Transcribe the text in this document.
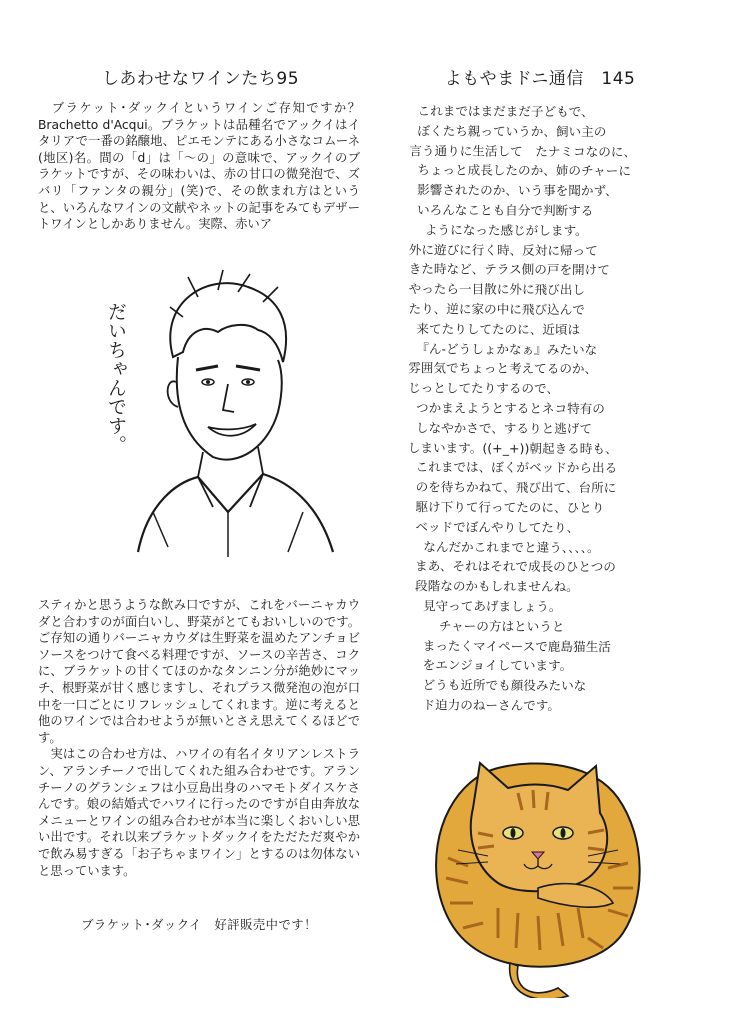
しあわせなワインたち95

　ブラケット･ダックイというワインご存知ですか？Brachetto d'Acqui。ブラケットは品種名でアックイはイタリアで一番の銘醸地、ピエモンテにある小さなコムーネ(地区)名。間の「d」は「～の」の意味で、アックイのブラケットですが、その味わいは、赤の甘口の微発泡で、ズバリ「ファンタの親分」(笑)で、その飲まれ方はというと、いろんなワインの文献やネットの記事をみてもデザートワインとしかありません。実際、赤いア

だいちゃんです。

スティかと思うような飲み口ですが、これをバーニャカウダと合わすのが面白いし、野菜がとてもおいしいのです。ご存知の通りバーニャカウダは生野菜を温めたアンチョビソースをつけて食べる料理ですが、ソースの辛苦さ、コクに、ブラケットの甘くてほのかなタンニン分が絶妙にマッチ、根野菜が甘く感じますし、それプラス微発泡の泡が口中を一口ごとにリフレッシュしてくれます。逆に考えると他のワインでは合わせようが無いとさえ思えてくるほどです。
　実はこの合わせ方は、ハワイの有名イタリアンレストラン、アランチーノで出してくれた組み合わせです。アランチーノのグランシェフは小豆島出身のハマモトダイスケさんです。娘の結婚式でハワイに行ったのですが自由奔放なメニューとワインの組み合わせが本当に楽しくおいしい思い出です。それ以来ブラケットダックイをただただ爽やかで飲み易すぎる「お子ちゃまワイン」とするのは勿体ないと思っています。

ブラケット･ダックイ　好評販売中です！
よもやまドニ通信　145
これまではまだまだ子どもで、
ぼくたち親っていうか、飼い主の
言う通りに生活して　たナミコなのに、
ちょっと成長したのか、姉のチャーに
影響されたのか、いう事を聞かず、
いろんなことも自分で判断する
ようになった感じがします。
外に遊びに行く時、反対に帰って
きた時など、テラス側の戸を開けて
やったら一目散に外に飛び出し
たり、逆に家の中に飛び込んで
来てたりしてたのに、近頃は
『ん-どうしょかなぁ』みたいな
雰囲気でちょっと考えてるのか、
じっとしてたりするので、
つかまえようとするとネコ特有の
しなやかさで、するりと逃げて
しまいます。((+_+))朝起きる時も、
これまでは、ぼくがベッドから出る
のを待ちかねて、飛び出て、台所に
駆け下りて行ってたのに、ひとり
ベッドでぼんやりしてたり、
なんだかこれまでと違う、、、、。
まあ、それはそれで成長のひとつの
段階なのかもしれませんね。
見守ってあげましょう。
チャーの方はというと
まったくマイペースで鹿島猫生活
をエンジョイしています。
どうも近所でも顔役みたいな
ド迫力のねーさんです。
